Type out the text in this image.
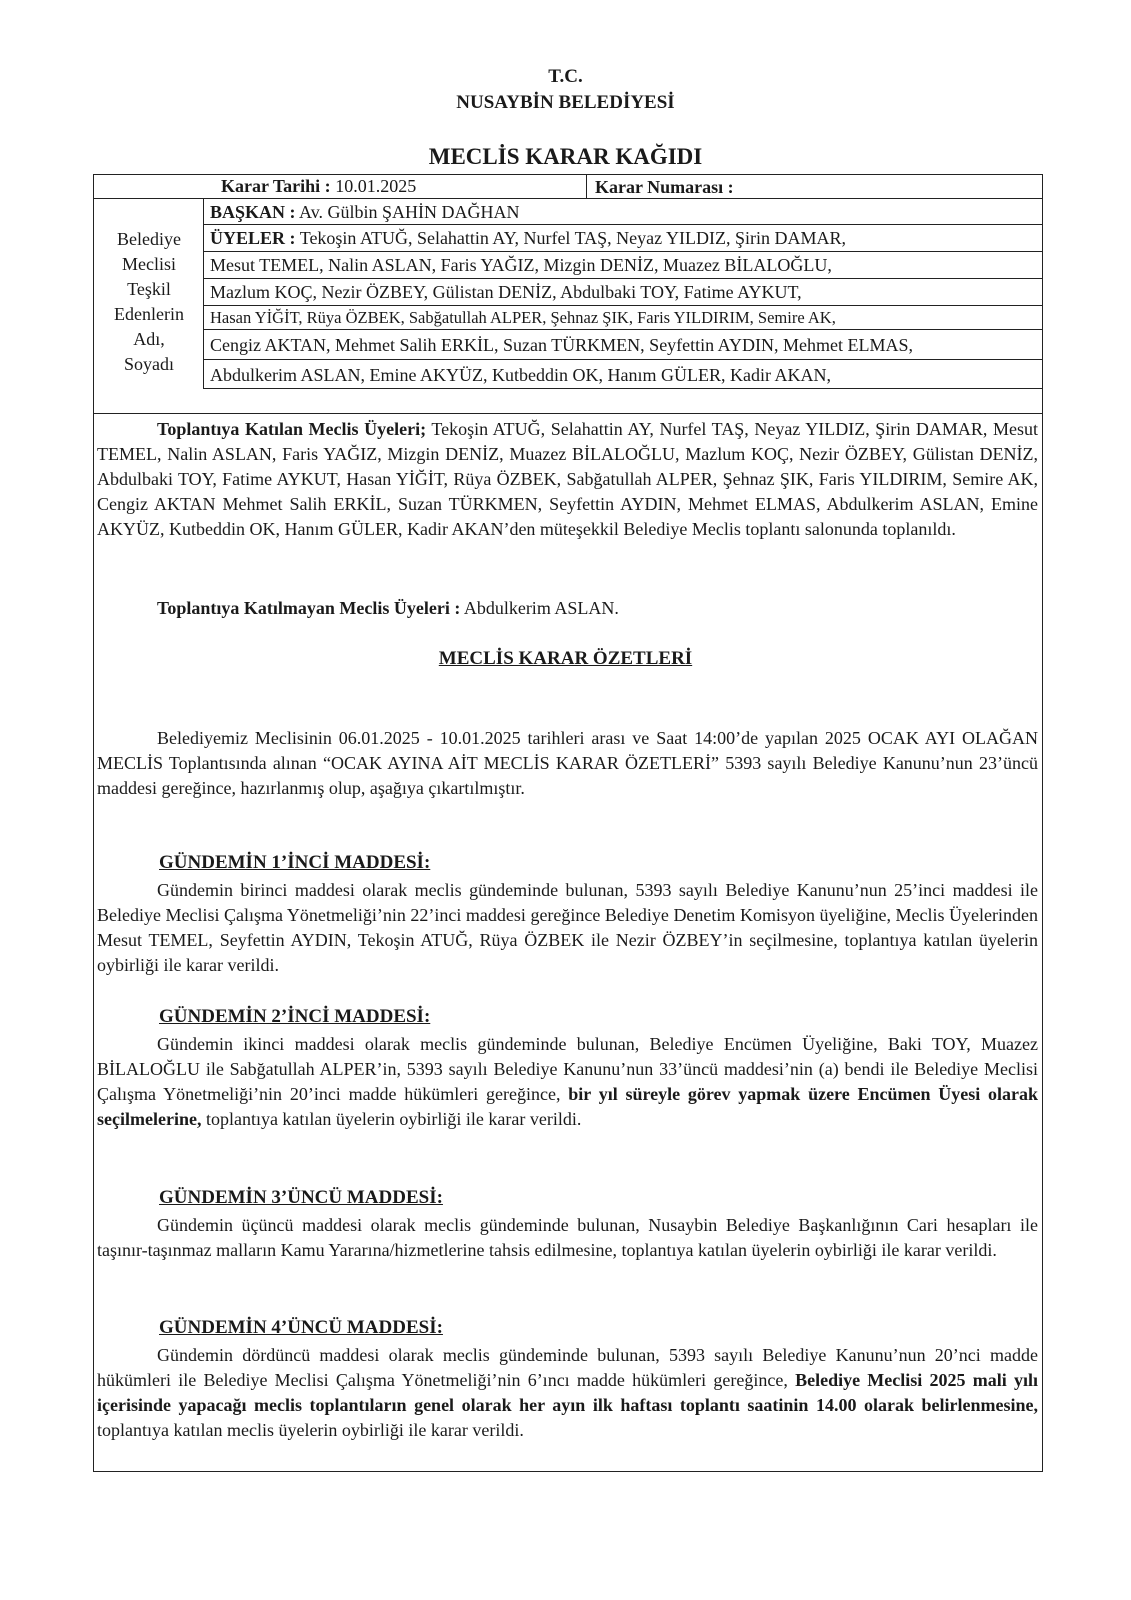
T.C.
NUSAYBİN BELEDİYESİ
MECLİS KARAR KAĞIDI
Karar Tarihi : 10.01.2025	Karar Numarası :
Belediye
Meclisi
Teşkil
Edenlerin
Adı,
Soyadı
BAŞKAN : Av. Gülbin ŞAHİN DAĞHAN
ÜYELER : Tekoşin ATUĞ, Selahattin AY, Nurfel TAŞ, Neyaz YILDIZ, Şirin DAMAR,
Mesut TEMEL, Nalin ASLAN, Faris YAĞIZ, Mizgin DENİZ, Muazez BİLALOĞLU,
Mazlum KOÇ, Nezir ÖZBEY, Gülistan DENİZ, Abdulbaki TOY, Fatime AYKUT,
Hasan YİĞİT, Rüya ÖZBEK, Sabğatullah ALPER, Şehnaz ŞIK, Faris YILDIRIM, Semire AK,
Cengiz AKTAN, Mehmet Salih ERKİL, Suzan TÜRKMEN, Seyfettin AYDIN, Mehmet ELMAS,
Abdulkerim ASLAN, Emine AKYÜZ, Kutbeddin OK, Hanım GÜLER, Kadir AKAN,
Toplantıya Katılan Meclis Üyeleri; Tekoşin ATUĞ, Selahattin AY, Nurfel TAŞ, Neyaz YILDIZ, Şirin DAMAR, Mesut TEMEL, Nalin ASLAN, Faris YAĞIZ, Mizgin DENİZ, Muazez BİLALOĞLU, Mazlum KOÇ, Nezir ÖZBEY, Gülistan DENİZ, Abdulbaki TOY, Fatime AYKUT, Hasan YİĞİT, Rüya ÖZBEK, Sabğatullah ALPER, Şehnaz ŞIK, Faris YILDIRIM, Semire AK, Cengiz AKTAN Mehmet Salih ERKİL, Suzan TÜRKMEN, Seyfettin AYDIN, Mehmet ELMAS, Abdulkerim ASLAN, Emine AKYÜZ, Kutbeddin OK, Hanım GÜLER, Kadir AKAN’den müteşekkil Belediye Meclis toplantı salonunda toplanıldı.
Toplantıya Katılmayan Meclis Üyeleri : Abdulkerim ASLAN.
MECLİS KARAR ÖZETLERİ
Belediyemiz Meclisinin 06.01.2025 - 10.01.2025 tarihleri arası ve Saat 14:00’de yapılan 2025 OCAK AYI OLAĞAN MECLİS Toplantısında alınan “OCAK AYINA AİT MECLİS KARAR ÖZETLERİ” 5393 sayılı Belediye Kanunu’nun 23’üncü maddesi gereğince, hazırlanmış olup, aşağıya çıkartılmıştır.
GÜNDEMİN 1’İNCİ MADDESİ:
Gündemin birinci maddesi olarak meclis gündeminde bulunan, 5393 sayılı Belediye Kanunu’nun 25’inci maddesi ile Belediye Meclisi Çalışma Yönetmeliği’nin 22’inci maddesi gereğince Belediye Denetim Komisyon üyeliğine, Meclis Üyelerinden Mesut TEMEL, Seyfettin AYDIN, Tekoşin ATUĞ, Rüya ÖZBEK ile Nezir ÖZBEY’in seçilmesine, toplantıya katılan üyelerin oybirliği ile karar verildi.
GÜNDEMİN 2’İNCİ MADDESİ:
Gündemin ikinci maddesi olarak meclis gündeminde bulunan, Belediye Encümen Üyeliğine, Baki TOY, Muazez BİLALOĞLU ile Sabğatullah ALPER’in, 5393 sayılı Belediye Kanunu’nun 33’üncü maddesi’nin (a) bendi ile Belediye Meclisi Çalışma Yönetmeliği’nin 20’inci madde hükümleri gereğince, bir yıl süreyle görev yapmak üzere Encümen Üyesi olarak seçilmelerine, toplantıya katılan üyelerin oybirliği ile karar verildi.
GÜNDEMİN 3’ÜNCÜ MADDESİ:
Gündemin üçüncü maddesi olarak meclis gündeminde bulunan, Nusaybin Belediye Başkanlığının Cari hesapları ile taşınır-taşınmaz malların Kamu Yararına/hizmetlerine tahsis edilmesine, toplantıya katılan üyelerin oybirliği ile karar verildi.
GÜNDEMİN 4’ÜNCÜ MADDESİ:
Gündemin dördüncü maddesi olarak meclis gündeminde bulunan, 5393 sayılı Belediye Kanunu’nun 20’nci madde hükümleri ile Belediye Meclisi Çalışma Yönetmeliği’nin 6’ıncı madde hükümleri gereğince, Belediye Meclisi 2025 mali yılı içerisinde yapacağı meclis toplantıların genel olarak her ayın ilk haftası toplantı saatinin 14.00 olarak belirlenmesine, toplantıya katılan meclis üyelerin oybirliği ile karar verildi.
